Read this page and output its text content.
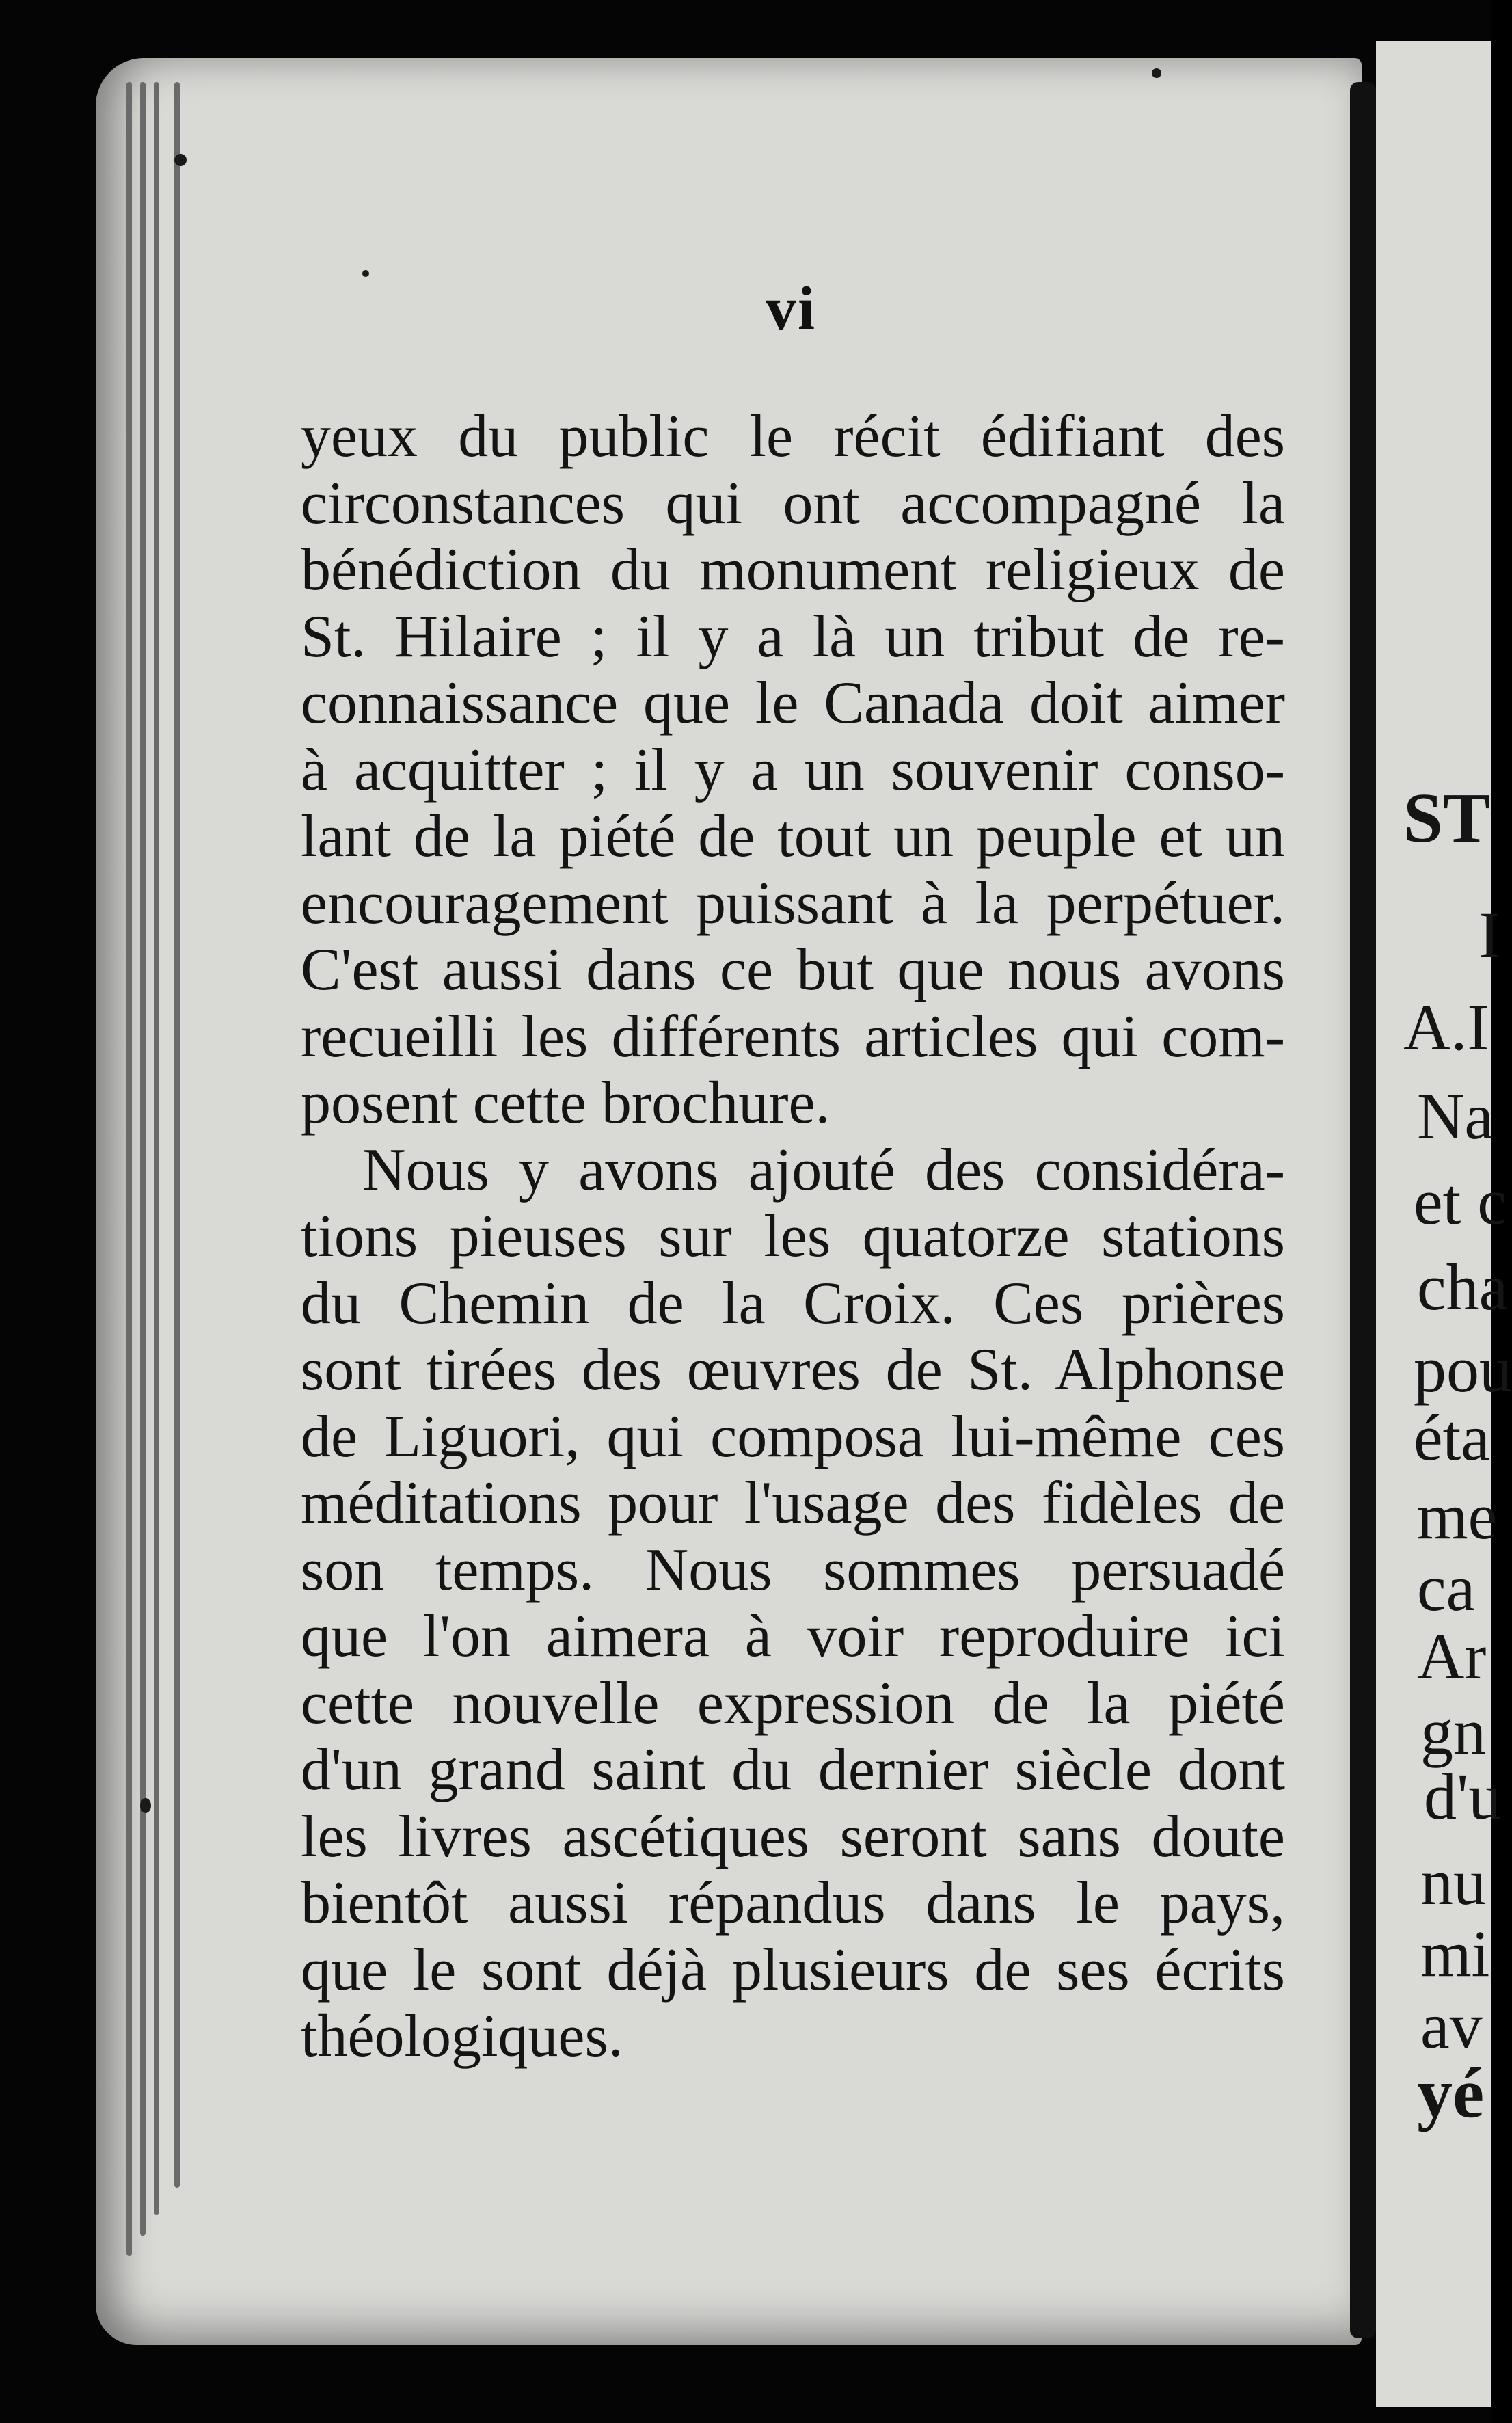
vi
yeux du public le récit édifiant des
circonstances qui ont accompagné la
bénédiction du monument religieux de
St. Hilaire ; il y a là un tribut de re-
connaissance que le Canada doit aimer
à acquitter ; il y a un souvenir conso-
lant de la piété de tout un peuple et un
encouragement puissant à la perpétuer.
C'est aussi dans ce but que nous avons
recueilli les différents articles qui com-
posent cette brochure.
Nous y avons ajouté des considéra-
tions pieuses sur les quatorze stations
du Chemin de la Croix. Ces prières
sont tirées des œuvres de St. Alphonse
de Liguori, qui composa lui-même ces
méditations pour l'usage des fidèles de
son temps. Nous sommes persuadé
que l'on aimera à voir reproduire ici
cette nouvelle expression de la piété
d'un grand saint du dernier siècle dont
les livres ascétiques seront sans doute
bientôt aussi répandus dans le pays,
que le sont déjà plusieurs de ses écrits
théologiques.
ST
I
A.I
Na
et c
cha
pou
éta
me
ca
Ar
gn
d'u
nu
mi
av
yé
